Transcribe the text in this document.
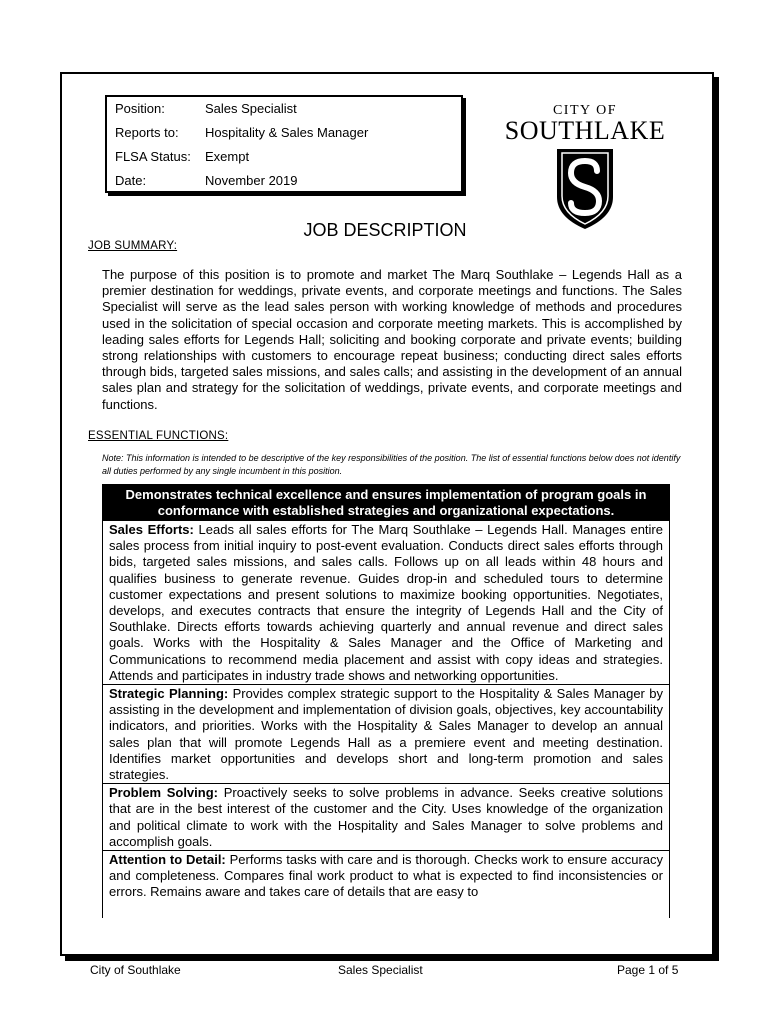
Position:	Sales Specialist
Reports to: Hospitality & Sales Manager
FLSA Status: Exempt
Date:	November 2019
CITY OF
SOUTHLAKE
JOB DESCRIPTION
JOB SUMMARY:
The purpose of this position is to promote and market The Marq Southlake – Legends Hall as a premier destination for weddings, private events, and corporate meetings and functions. The Sales Specialist will serve as the lead sales person with working knowledge of methods and procedures used in the solicitation of special occasion and corporate meeting markets. This is accomplished by leading sales efforts for Legends Hall; soliciting and booking corporate and private events; building strong relationships with customers to encourage repeat business; conducting direct sales efforts through bids, targeted sales missions, and sales calls; and assisting in the development of an annual sales plan and strategy for the solicitation of weddings, private events, and corporate meetings and functions.
ESSENTIAL FUNCTIONS:
Note: This information is intended to be descriptive of the key responsibilities of the position. The list of essential functions below does not identify all duties performed by any single incumbent in this position.
Demonstrates technical excellence and ensures implementation of program goals in conformance with established strategies and organizational expectations.
Sales Efforts: Leads all sales efforts for The Marq Southlake – Legends Hall. Manages entire sales process from initial inquiry to post-event evaluation. Conducts direct sales efforts through bids, targeted sales missions, and sales calls. Follows up on all leads within 48 hours and qualifies business to generate revenue. Guides drop-in and scheduled tours to determine customer expectations and present solutions to maximize booking opportunities. Negotiates, develops, and executes contracts that ensure the integrity of Legends Hall and the City of Southlake. Directs efforts towards achieving quarterly and annual revenue and direct sales goals. Works with the Hospitality & Sales Manager and the Office of Marketing and Communications to recommend media placement and assist with copy ideas and strategies. Attends and participates in industry trade shows and networking opportunities.
Strategic Planning: Provides complex strategic support to the Hospitality & Sales Manager by assisting in the development and implementation of division goals, objectives, key accountability indicators, and priorities. Works with the Hospitality & Sales Manager to develop an annual sales plan that will promote Legends Hall as a premiere event and meeting destination. Identifies market opportunities and develops short and long-term promotion and sales strategies.
Problem Solving: Proactively seeks to solve problems in advance. Seeks creative solutions that are in the best interest of the customer and the City. Uses knowledge of the organization and political climate to work with the Hospitality and Sales Manager to solve problems and accomplish goals.
Attention to Detail: Performs tasks with care and is thorough. Checks work to ensure accuracy and completeness. Compares final work product to what is expected to find inconsistencies or errors. Remains aware and takes care of details that are easy to
City of Southlake	Sales Specialist	Page 1 of 5
